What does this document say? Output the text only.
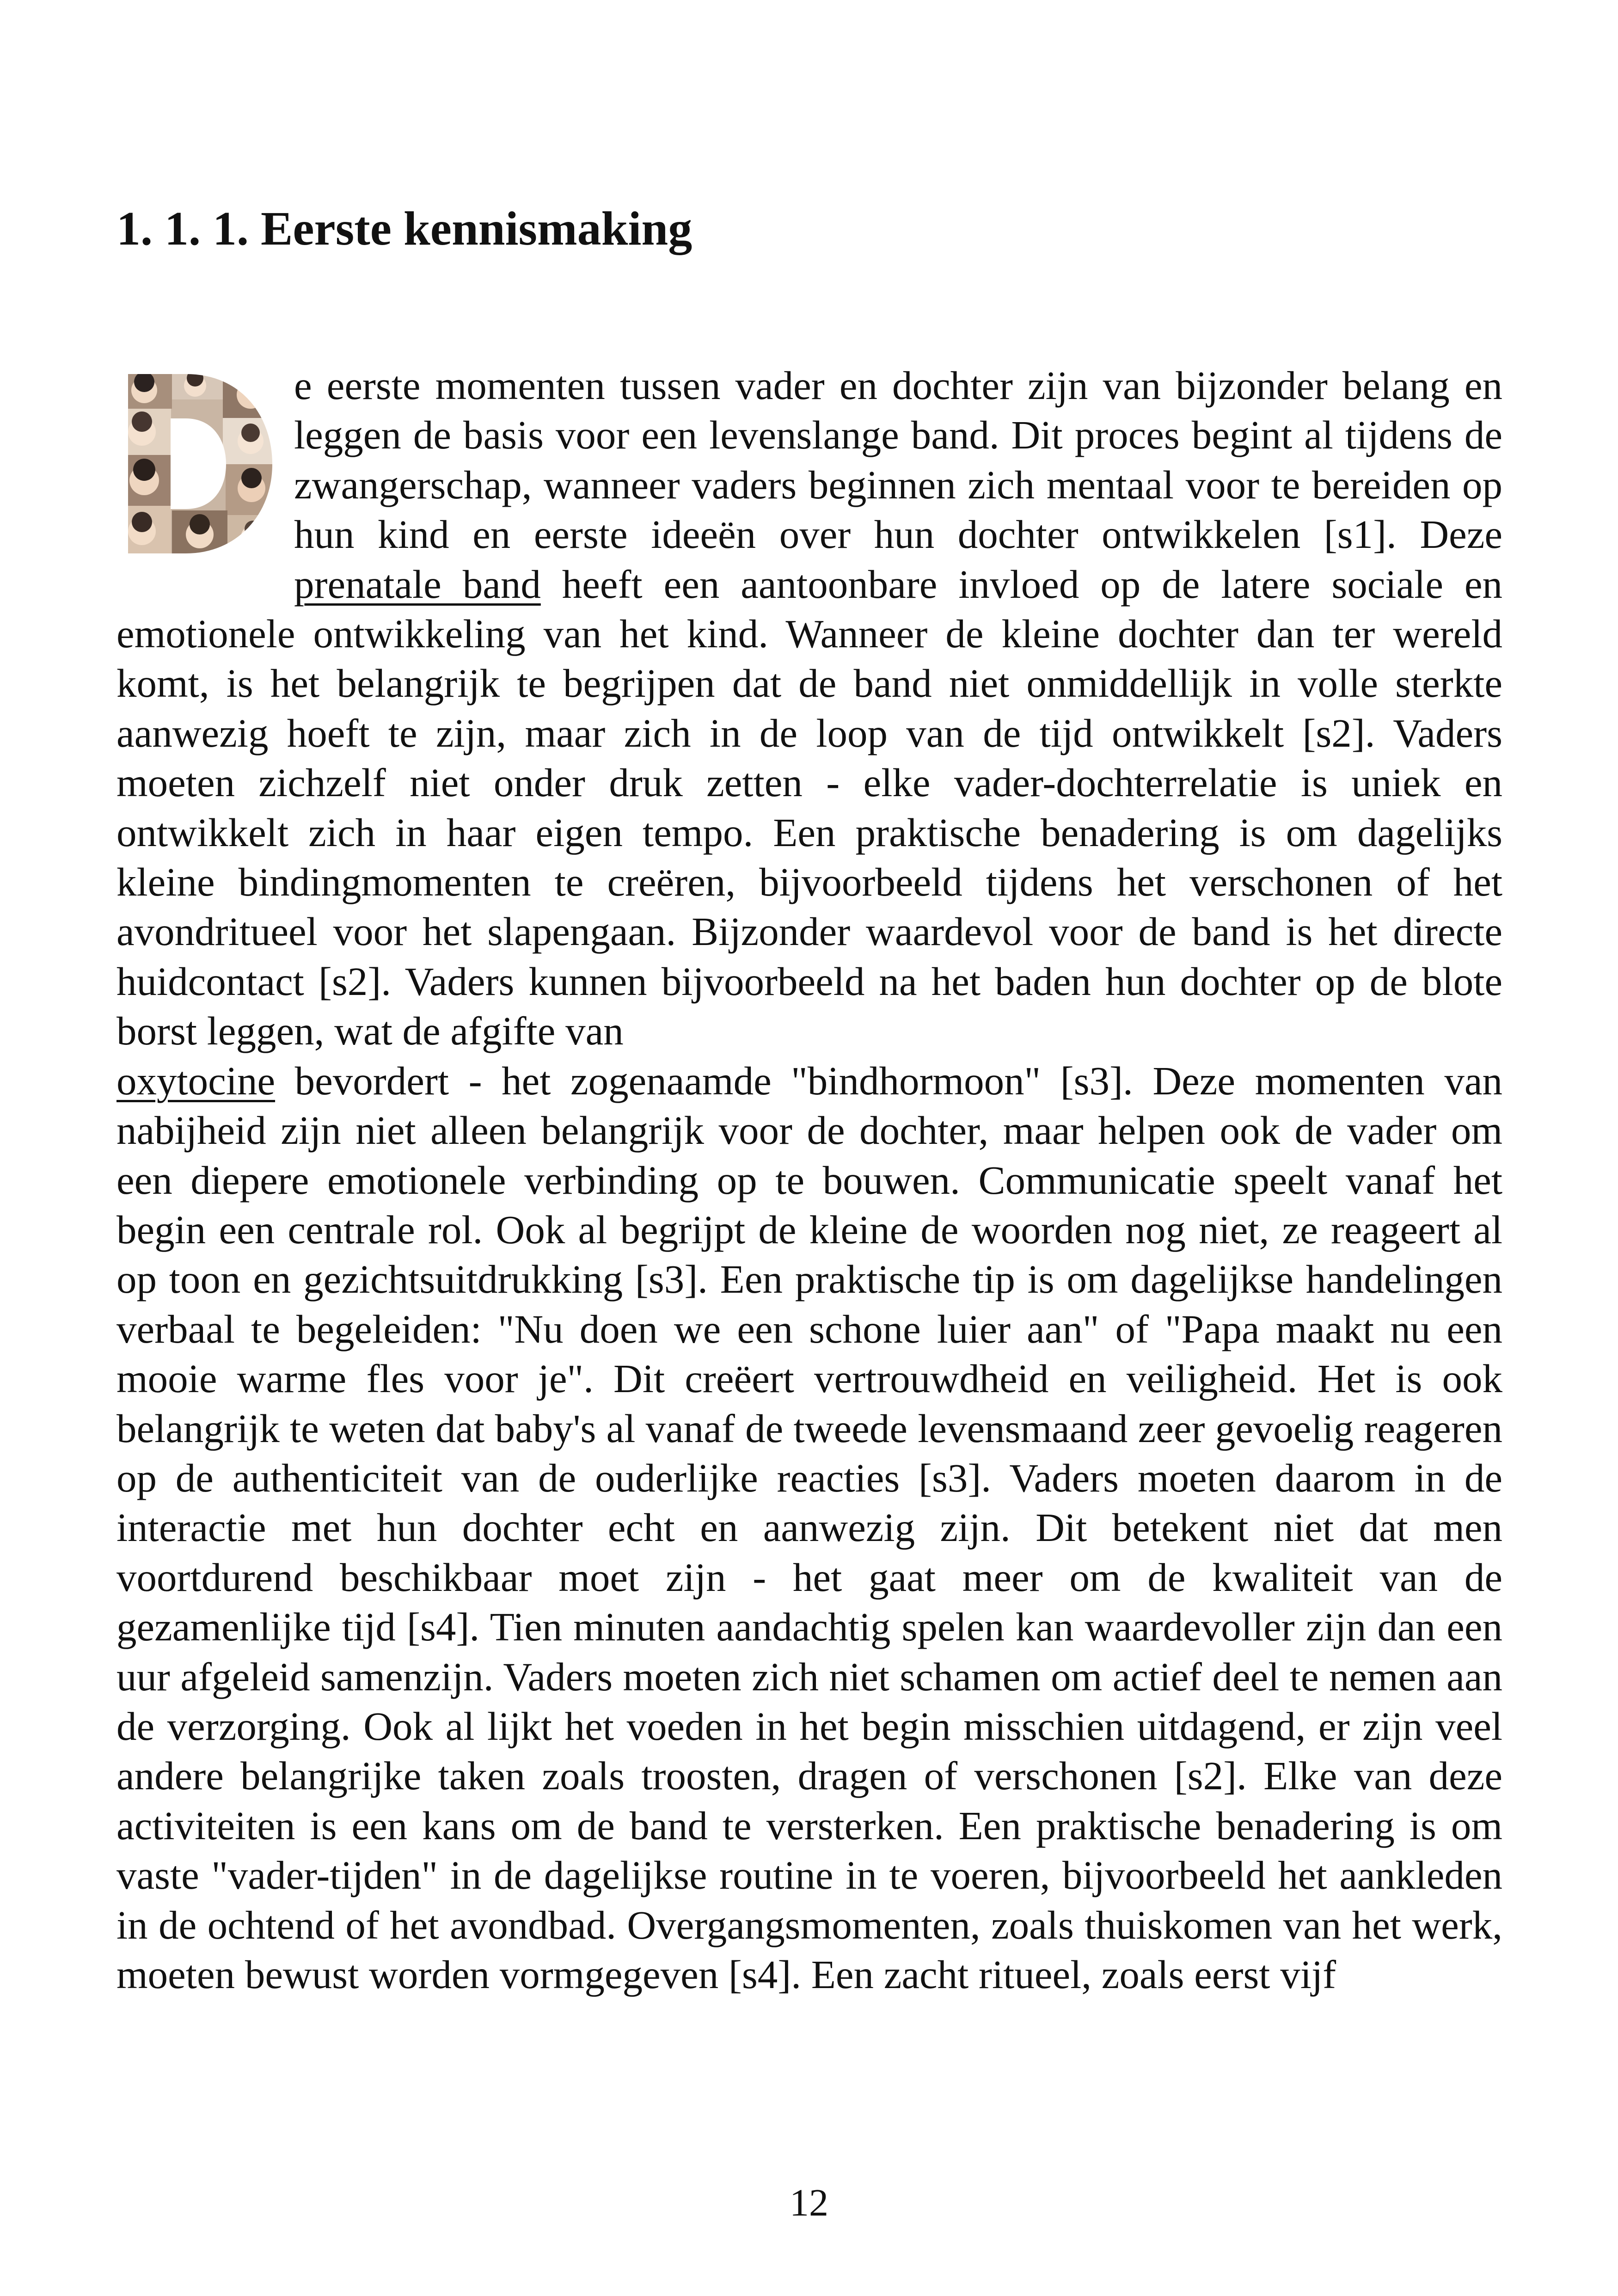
1. 1. 1. Eerste kennismaking
e eerste momenten tussen vader en dochter zijn van bijzonder belang en leggen de basis voor een levenslange band. Dit proces begint al tijdens de zwangerschap, wanneer vaders beginnen zich mentaal voor te bereiden op hun kind en eerste ideeën over hun dochter ontwikkelen [s1]. Deze prenatale band heeft een aantoonbare invloed op de latere sociale en emotionele ontwikkeling van het kind. Wanneer de kleine dochter dan ter wereld komt, is het belangrijk te begrijpen dat de band niet onmiddellijk in volle sterkte aanwezig hoeft te zijn, maar zich in de loop van de tijd ontwikkelt [s2]. Vaders moeten zichzelf niet onder druk zetten - elke vader-dochterrelatie is uniek en ontwikkelt zich in haar eigen tempo. Een praktische benadering is om dagelijks kleine bindingmomenten te creëren, bijvoorbeeld tijdens het verschonen of het avondritueel voor het slapengaan. Bijzonder waardevol voor de band is het directe huidcontact [s2]. Vaders kunnen bijvoorbeeld na het baden hun dochter op de blote borst leggen, wat de afgifte van
oxytocine bevordert - het zogenaamde "bindhormoon" [s3]. Deze momenten van nabijheid zijn niet alleen belangrijk voor de dochter, maar helpen ook de vader om een diepere emotionele verbinding op te bouwen. Communicatie speelt vanaf het begin een centrale rol. Ook al begrijpt de kleine de woorden nog niet, ze reageert al op toon en gezichtsuitdrukking [s3]. Een praktische tip is om dagelijkse handelingen verbaal te begeleiden: "Nu doen we een schone luier aan" of "Papa maakt nu een mooie warme fles voor je". Dit creëert vertrouwdheid en veiligheid. Het is ook belangrijk te weten dat baby's al vanaf de tweede levensmaand zeer gevoelig reageren op de authenticiteit van de ouderlijke reacties [s3]. Vaders moeten daarom in de interactie met hun dochter echt en aanwezig zijn. Dit betekent niet dat men voortdurend beschikbaar moet zijn - het gaat meer om de kwaliteit van de gezamenlijke tijd [s4]. Tien minuten aandachtig spelen kan waardevoller zijn dan een uur afgeleid samenzijn. Vaders moeten zich niet schamen om actief deel te nemen aan de verzorging. Ook al lijkt het voeden in het begin misschien uitdagend, er zijn veel andere belangrijke taken zoals troosten, dragen of verschonen [s2]. Elke van deze activiteiten is een kans om de band te versterken. Een praktische benadering is om vaste "vader-tijden" in de dagelijkse routine in te voeren, bijvoorbeeld het aankleden in de ochtend of het avondbad. Overgangsmomenten, zoals thuiskomen van het werk, moeten bewust worden vormgegeven [s4]. Een zacht ritueel, zoals eerst vijf
12
